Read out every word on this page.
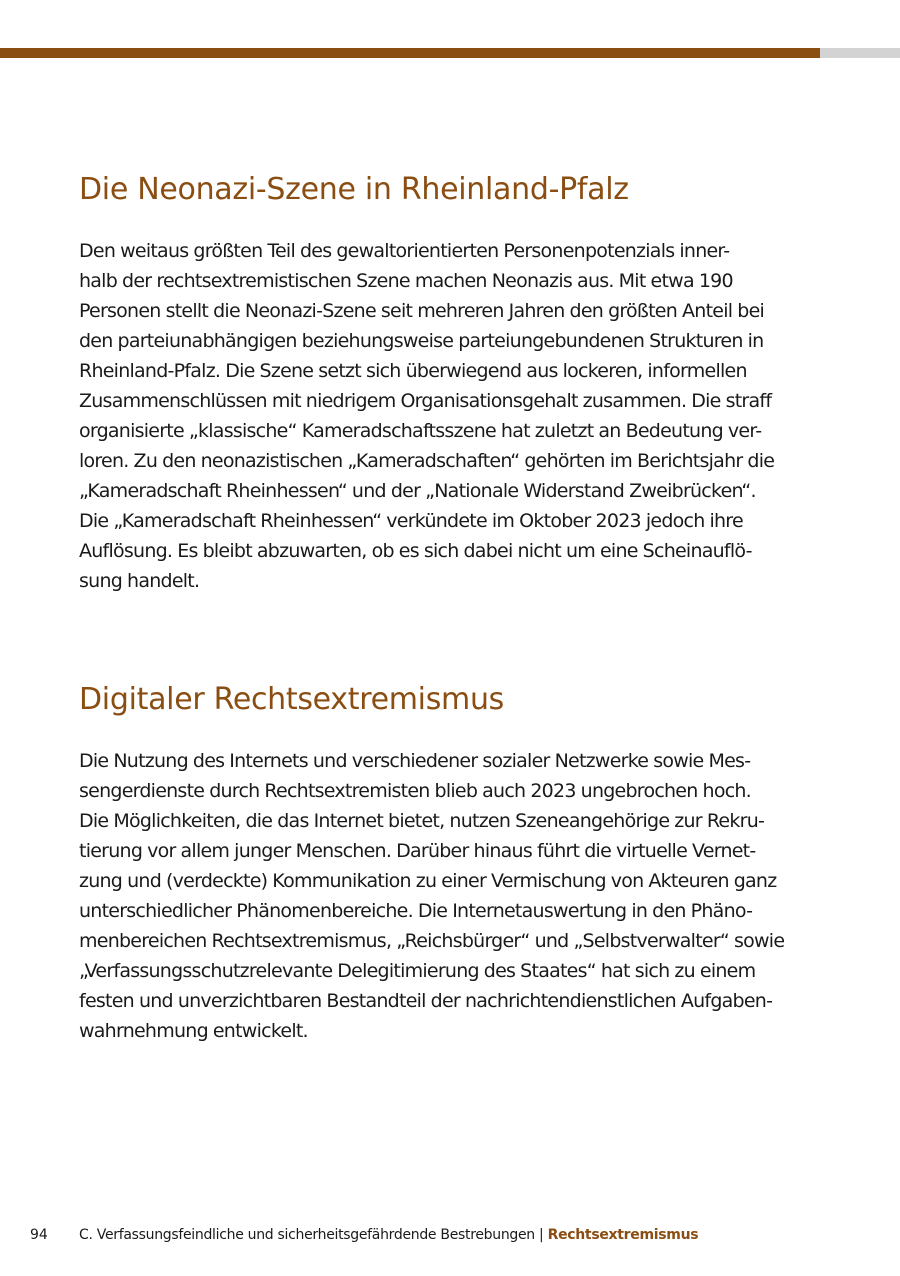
Die Neonazi-Szene in Rheinland-Pfalz

Den weitaus größten Teil des gewaltorientierten Personenpotenzials inner-
halb der rechtsextremistischen Szene machen Neonazis aus. Mit etwa 190
Personen stellt die Neonazi-Szene seit mehreren Jahren den größten Anteil bei
den parteiunabhängigen beziehungsweise parteiungebundenen Strukturen in
Rheinland-Pfalz. Die Szene setzt sich überwiegend aus lockeren, informellen
Zusammenschlüssen mit niedrigem Organisationsgehalt zusammen. Die straff
organisierte „klassische“ Kameradschaftsszene hat zuletzt an Bedeutung ver-
loren. Zu den neonazistischen „Kameradschaften“ gehörten im Berichtsjahr die
„Kameradschaft Rheinhessen“ und der „Nationale Widerstand Zweibrücken“.
Die „Kameradschaft Rheinhessen“ verkündete im Oktober 2023 jedoch ihre
Auflösung. Es bleibt abzuwarten, ob es sich dabei nicht um eine Scheinauflö-
sung handelt.

Digitaler Rechtsextremismus

Die Nutzung des Internets und verschiedener sozialer Netzwerke sowie Mes-
sengerdienste durch Rechtsextremisten blieb auch 2023 ungebrochen hoch.
Die Möglichkeiten, die das Internet bietet, nutzen Szeneangehörige zur Rekru-
tierung vor allem junger Menschen. Darüber hinaus führt die virtuelle Vernet-
zung und (verdeckte) Kommunikation zu einer Vermischung von Akteuren ganz
unterschiedlicher Phänomenbereiche. Die Internetauswertung in den Phäno-
menbereichen Rechtsextremismus, „Reichsbürger“ und „Selbstverwalter“ sowie
„Verfassungsschutzrelevante Delegitimierung des Staates“ hat sich zu einem
festen und unverzichtbaren Bestandteil der nachrichtendienstlichen Aufgaben-
wahrnehmung entwickelt.

94 C. Verfassungsfeindliche und sicherheitsgefährdende Bestrebungen | Rechtsextremismus
